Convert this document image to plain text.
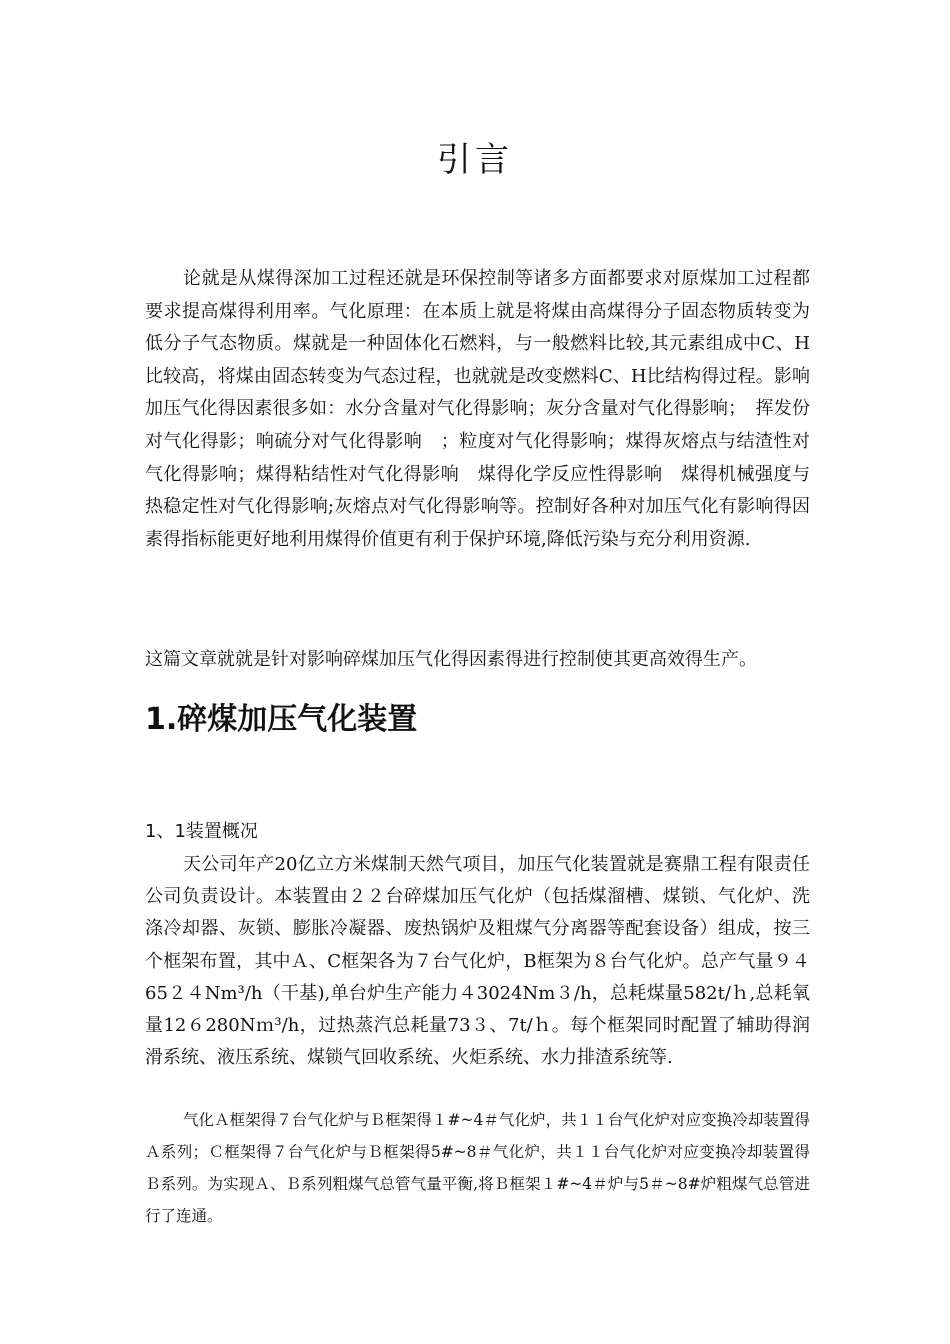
引言

论就是从煤得深加工过程还就是环保控制等诸多方面都要求对原煤加工过程都要求提高煤得利用率。气化原理：在本质上就是将煤由高煤得分子固态物质转变为低分子气态物质。煤就是一种固体化石燃料，与一般燃料比较,其元素组成中C、H比较高，将煤由固态转变为气态过程，也就就是改变燃料C、H比结构得过程。影响加压气化得因素很多如：水分含量对气化得影响；灰分含量对气化得影响；　挥发份对气化得影；响硫分对气化得影响　；粒度对气化得影响；煤得灰熔点与结渣性对气化得影响；煤得粘结性对气化得影响　煤得化学反应性得影响　煤得机械强度与热稳定性对气化得影响;灰熔点对气化得影响等。控制好各种对加压气化有影响得因素得指标能更好地利用煤得价值更有利于保护环境,降低污染与充分利用资源.

这篇文章就就是针对影响碎煤加压气化得因素得进行控制使其更高效得生产。
1.碎煤加压气化装置
1、1装置概况

天公司年产20亿立方米煤制天然气项目，加压气化装置就是赛鼎工程有限责任公司负责设计。本装置由２２台碎煤加压气化炉（包括煤溜槽、煤锁、气化炉、洗涤冷却器、灰锁、膨胀冷凝器、废热锅炉及粗煤气分离器等配套设备）组成，按三个框架布置，其中Ａ、C框架各为７台气化炉，B框架为８台气化炉。总产气量９４65２４Nm³/h（干基),单台炉生产能力４3024Nm３/h，总耗煤量582t/ｈ,总耗氧量12６280Nｍ³/h，过热蒸汽总耗量73３、7t/ｈ。每个框架同时配置了辅助得润滑系统、液压系统、煤锁气回收系统、火炬系统、水力排渣系统等.

气化Ａ框架得７台气化炉与Ｂ框架得１#~4＃气化炉，共１１台气化炉对应变换冷却装置得Ａ系列；Ｃ框架得７台气化炉与Ｂ框架得5#~8＃气化炉，共１１台气化炉对应变换冷却装置得Ｂ系列。为实现Ａ、Ｂ系列粗煤气总管气量平衡,将Ｂ框架１#~4＃炉与5＃~8#炉粗煤气总管进行了连通。
